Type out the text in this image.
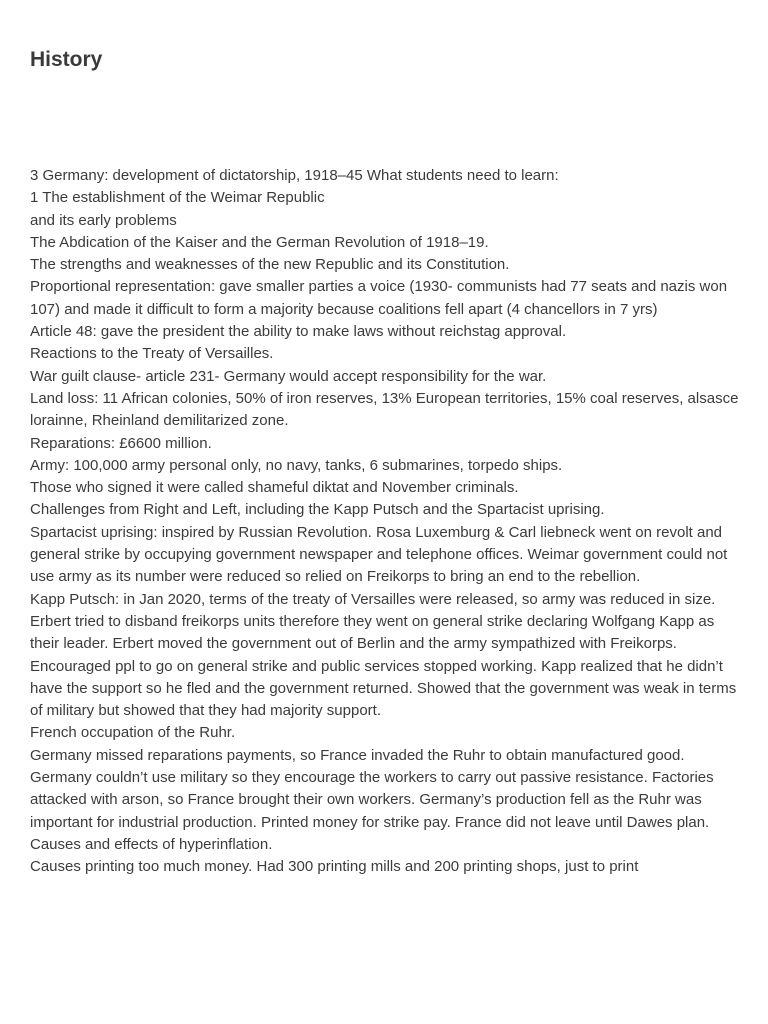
History

3 Germany: development of dictatorship, 1918–45 What students need to learn:

1 The establishment of the Weimar Republic

and its early problems

The Abdication of the Kaiser and the German Revolution of 1918–19.

The strengths and weaknesses of the new Republic and its Constitution.

Proportional representation: gave smaller parties a voice (1930- communists had 77 seats and nazis won 107) and made it difficult to form a majority because coalitions fell apart (4 chancellors in 7 yrs)

Article 48: gave the president the ability to make laws without reichstag approval.

Reactions to the Treaty of Versailles.

War guilt clause- article 231- Germany would accept responsibility for the war.

Land loss: 11 African colonies, 50% of iron reserves, 13% European territories, 15% coal reserves, alsasce lorainne, Rheinland demilitarized zone.

Reparations: £6600 million.

Army: 100,000 army personal only, no navy, tanks, 6 submarines, torpedo ships.

Those who signed it were called shameful diktat and November criminals.

Challenges from Right and Left, including the Kapp Putsch and the Spartacist uprising.

Spartacist uprising: inspired by Russian Revolution. Rosa Luxemburg & Carl liebneck went on revolt and general strike by occupying government newspaper and telephone offices. Weimar government could not use army as its number were reduced so relied on Freikorps to bring an end to the rebellion.

Kapp Putsch: in Jan 2020, terms of the treaty of Versailles were released, so army was reduced in size. Erbert tried to disband freikorps units therefore they went on general strike declaring Wolfgang Kapp as their leader. Erbert moved the government out of Berlin and the army sympathized with Freikorps. Encouraged ppl to go on general strike and public services stopped working. Kapp realized that he didn’t have the support so he fled and the government returned. Showed that the government was weak in terms of military but showed that they had majority support.

French occupation of the Ruhr.

Germany missed reparations payments, so France invaded the Ruhr to obtain manufactured good. Germany couldn’t use military so they encourage the workers to carry out passive resistance. Factories attacked with arson, so France brought their own workers. Germany’s production fell as the Ruhr was important for industrial production. Printed money for strike pay. France did not leave until Dawes plan.

Causes and effects of hyperinflation.

Causes printing too much money. Had 300 printing mills and 200 printing shops, just to print
